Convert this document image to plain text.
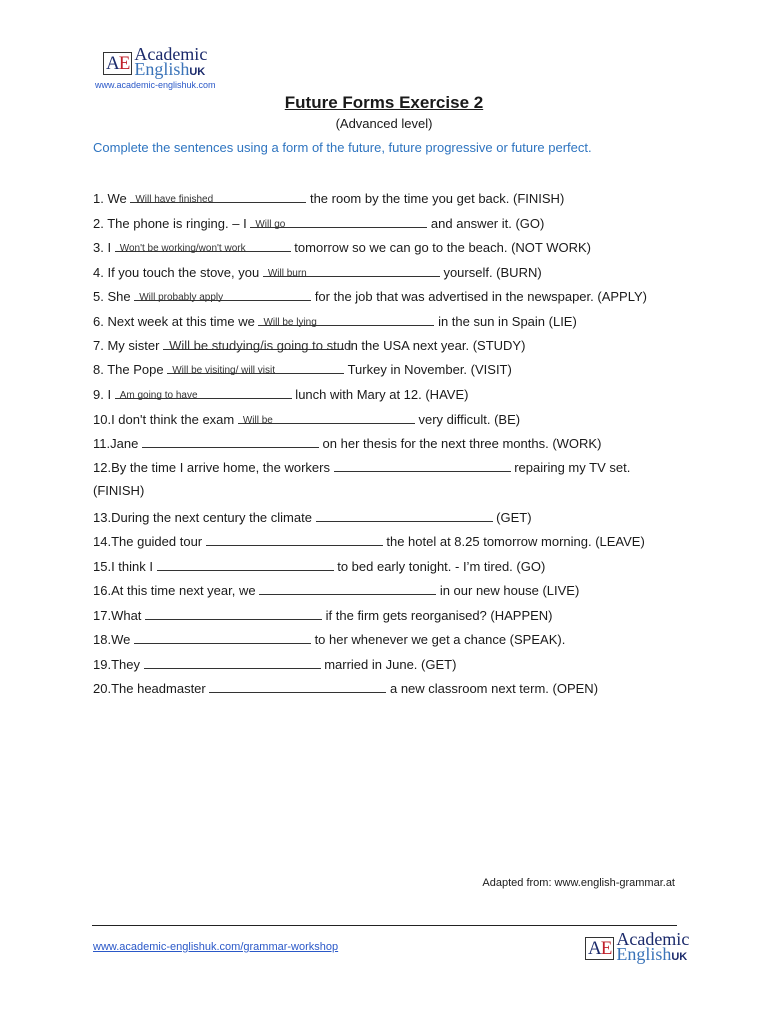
AE Academic
EnglishUK
www.academic-englishuk.com
Future Forms Exercise 2
(Advanced level)
Complete the sentences using a form of the future, future progressive or future perfect.
1. We Will have finished	the room by the time you get back. (FINISH)
2. The phone is ringing. – I Will go	and answer it. (GO)
3. I Won't be working/won't work	tomorrow so we can go to the beach. (NOT WORK)
4. If you touch the stove, you Will burn	yourself. (BURN)
5. She Will probably apply	for the job that was advertised in the newspaper. (APPLY)
6. Next week at this time we Will be lying	in the sun in Spain (LIE)
7. My sister Will be studying/is going to stud
in the USA next year. (STUDY)
8. The Pope Will be visiting/ will visit	Turkey in November. (VISIT)
9. I Am going to have	lunch with Mary at 12. (HAVE)
10.I don't think the exam Will be	very difficult. (BE)
11.Jane	on her thesis for the next three months. (WORK)
12.By the time I arrive home, the workers	repairing my TV set.
(FINISH)
13.During the next century the climate	(GET)
14.The guided tour	the hotel at 8.25 tomorrow morning. (LEAVE)
15.I think I	to bed early tonight. - I’m tired. (GO)
16.At this time next year, we	in our new house (LIVE)
17.What	if the firm gets reorganised? (HAPPEN)
18.We	to her whenever we get a chance (SPEAK).
19.They	married in June. (GET)
20.The headmaster	a new classroom next term. (OPEN)
Adapted from: www.english-grammar.at
www.academic-englishuk.com/grammar-workshop	AE Academic
EnglishUK
